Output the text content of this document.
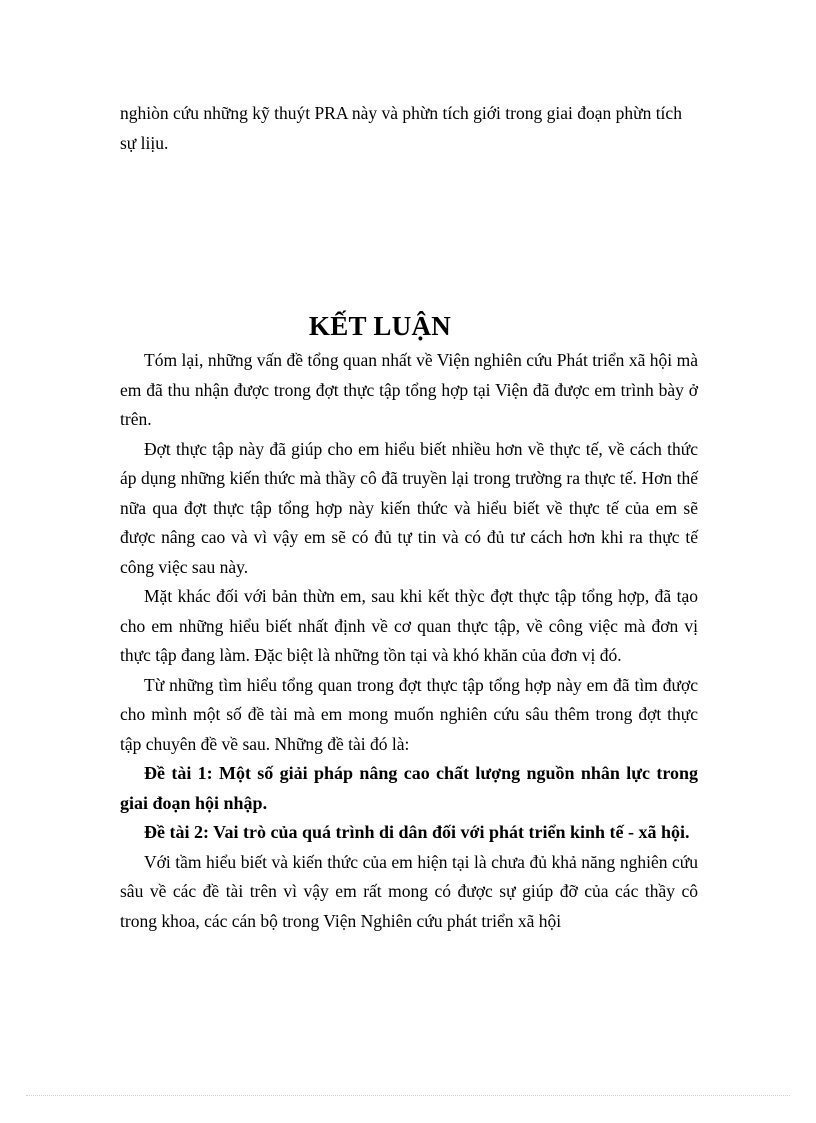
nghiòn cứu những kỹ thuýt PRA này và phừn tích giới trong giai đoạn phừn tích sự liịu.
KẾT LUẬN

Tóm lại, những vấn đề tổng quan nhất về Viện nghiên cứu Phát triển xã hội mà em đã thu nhận được trong đợt thực tập tổng hợp tại Viện đã được em trình bày ở trên.

Đợt thực tập này đã giúp cho em hiểu biết nhiều hơn về thực tế, về cách thức áp dụng những kiến thức mà thầy cô đã truyền lại trong trường ra thực tế. Hơn thế nữa qua đợt thực tập tổng hợp này kiến thức và hiểu biết về thực tế của em sẽ được nâng cao và vì vậy em sẽ có đủ tự tin và có đủ tư cách hơn khi ra thực tế công việc sau này.

Mặt khác đối với bản thừn em, sau khi kết thỳc đợt thực tập tổng hợp, đã tạo cho em những hiểu biết nhất định về cơ quan thực tập, về công việc mà đơn vị thực tập đang làm. Đặc biệt là những tồn tại và khó khăn của đơn vị đó.

Từ những tìm hiểu tổng quan trong đợt thực tập tổng hợp này em đã tìm được cho mình một số đề tài mà em mong muốn nghiên cứu sâu thêm trong đợt thực tập chuyên đề về sau. Những đề tài đó là:

Đề tài 1: Một số giải pháp nâng cao chất lượng nguồn nhân lực trong giai đoạn hội nhập.

Đề tài 2: Vai trò của quá trình di dân đối với phát triển kinh tế - xã hội.

Với tầm hiểu biết và kiến thức của em hiện tại là chưa đủ khả năng nghiên cứu sâu về các đề tài trên vì vậy em rất mong có được sự giúp đỡ của các thầy cô trong khoa, các cán bộ trong Viện Nghiên cứu phát triển xã hội
